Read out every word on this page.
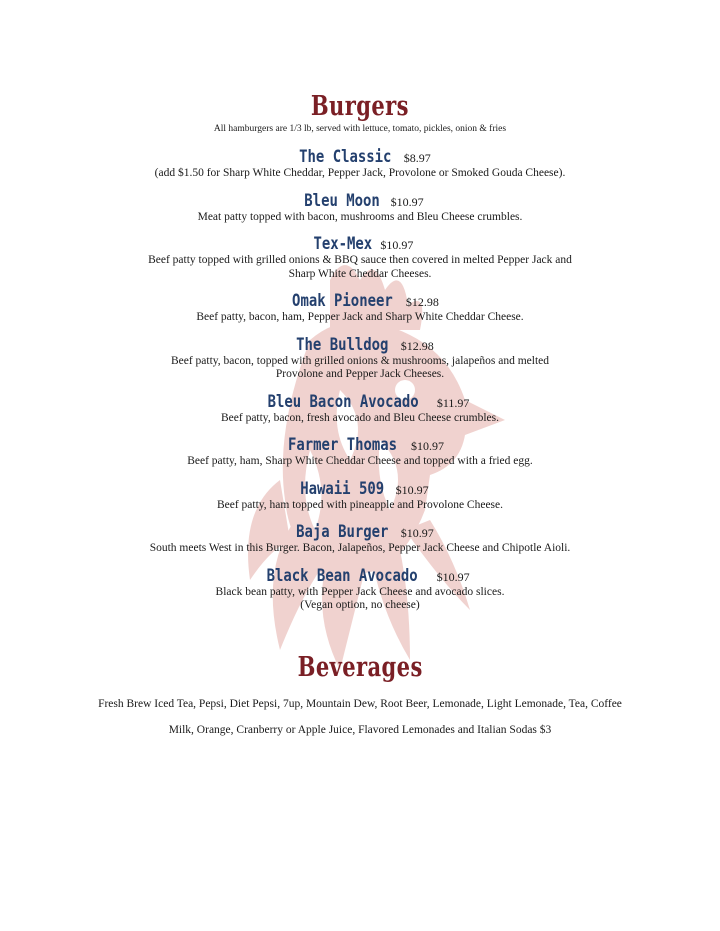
Burgers
All hamburgers are 1/3 lb, served with lettuce, tomato, pickles, onion & fries
The Classic $8.97
(add $1.50 for Sharp White Cheddar, Pepper Jack, Provolone or Smoked Gouda Cheese).
Bleu Moon $10.97
Meat patty topped with bacon, mushrooms and Bleu Cheese crumbles.
Tex-Mex $10.97
Beef patty topped with grilled onions & BBQ sauce then covered in melted Pepper Jack and
Sharp White Cheddar Cheeses.
Omak Pioneer $12.98
Beef patty, bacon, ham, Pepper Jack and Sharp White Cheddar Cheese.
The Bulldog $12.98
Beef patty, bacon, topped with grilled onions & mushrooms, jalapeños and melted
Provolone and Pepper Jack Cheeses.
Bleu Bacon Avocado $11.97
Beef patty, bacon, fresh avocado and Bleu Cheese crumbles.
Farmer Thomas $10.97
Beef patty, ham, Sharp White Cheddar Cheese and topped with a fried egg.
Hawaii 509 $10.97
Beef patty, ham topped with pineapple and Provolone Cheese.
Baja Burger $10.97
South meets West in this Burger. Bacon, Jalapeños, Pepper Jack Cheese and Chipotle Aioli.
Black Bean Avocado $10.97
Black bean patty, with Pepper Jack Cheese and avocado slices.
(Vegan option, no cheese)
Beverages
Fresh Brew Iced Tea, Pepsi, Diet Pepsi, 7up, Mountain Dew, Root Beer, Lemonade, Light Lemonade, Tea, Coffee
Milk, Orange, Cranberry or Apple Juice, Flavored Lemonades and Italian Sodas $3
